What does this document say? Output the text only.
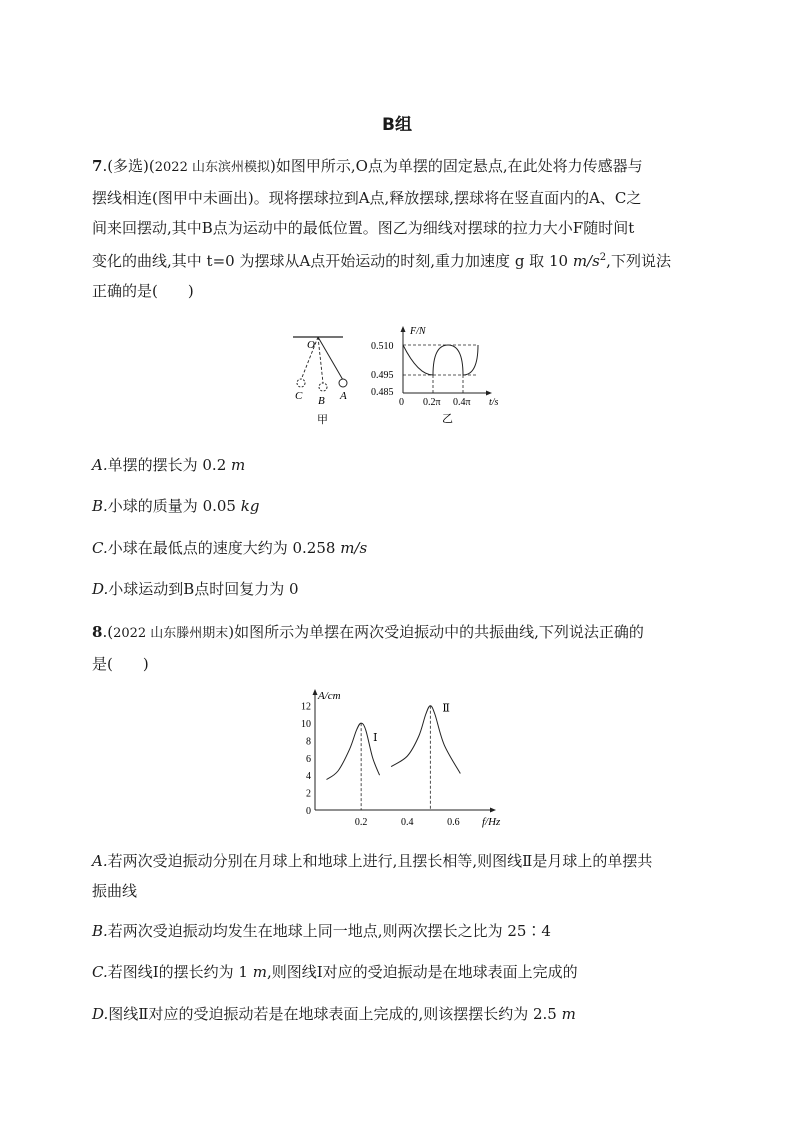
B组
7.(多选)(2022 山东滨州模拟)如图甲所示,O点为单摆的固定悬点,在此处将力传感器与
摆线相连(图甲中未画出)。现将摆球拉到A点,释放摆球,摆球将在竖直面内的A、C之
间来回摆动,其中B点为运动中的最低位置。图乙为细线对摆球的拉力大小F随时间t
变化的曲线,其中 t=0 为摆球从A点开始运动的时刻,重力加速度 g 取 10 $m/s^2$,下列说法
正确的是(　　)
O
C B A
甲
F/N
0.510
0.495
0.485
0 0.2π 0.4π t/s
乙
A.单摆的摆长为 0.2 m
B.小球的质量为 0.05 kg
C.小球在最低点的速度大约为 0.258 m/s
D.小球运动到B点时回复力为 0
8.(2022 山东滕州期末)如图所示为单摆在两次受迫振动中的共振曲线,下列说法正确的
是(　　)
A/cm
f/Hz
0
2
4
6
8
10
12
0.2	0.4	0.6
Ⅰ
Ⅱ
A.若两次受迫振动分别在月球上和地球上进行,且摆长相等,则图线Ⅱ是月球上的单摆共
振曲线
B.若两次受迫振动均发生在地球上同一地点,则两次摆长之比为 25∶4
C.若图线Ⅰ的摆长约为 1 m,则图线Ⅰ对应的受迫振动是在地球表面上完成的
D.图线Ⅱ对应的受迫振动若是在地球表面上完成的,则该摆摆长约为 2.5 m
